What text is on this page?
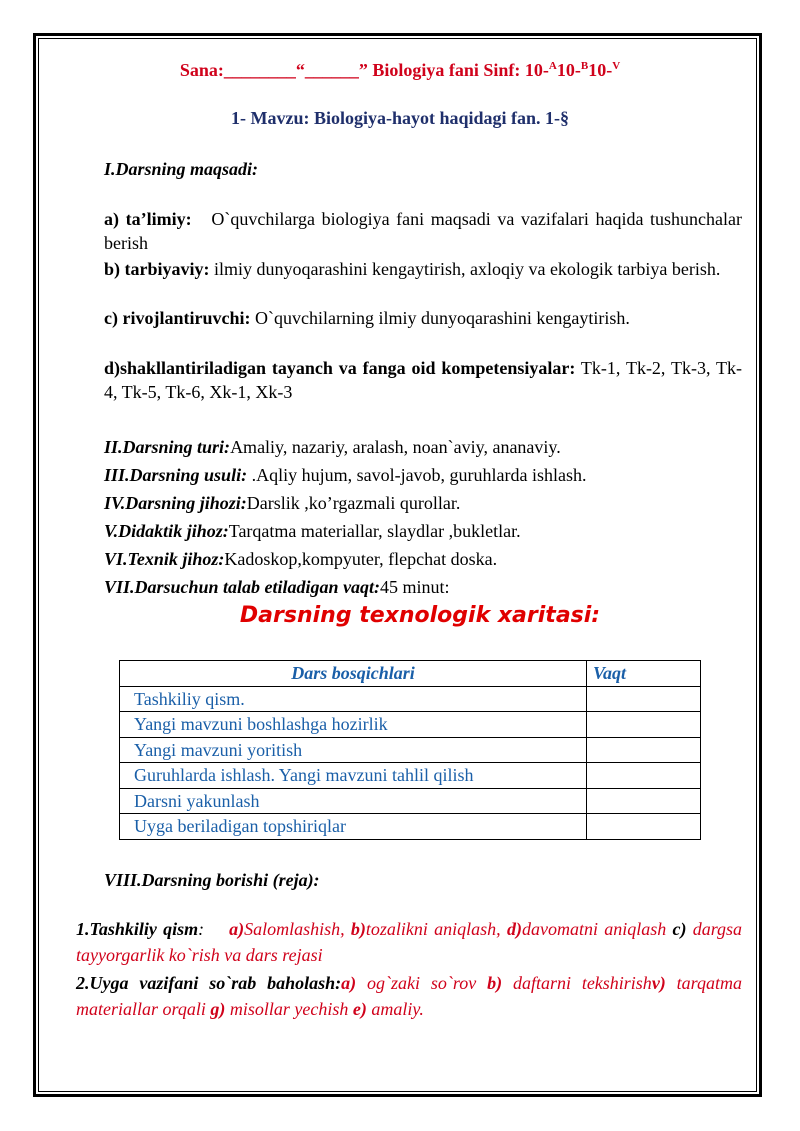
Sana:________“______” Biologiya fani Sinf: 10-$^A$10-$^B$10-$^V$
1- Mavzu: Biologiya-hayot haqidagi fan. 1-§
I.Darsning maqsadi:
a) ta’limiy: O`quvchilarga biologiya fani maqsadi va vazifalari haqida tushunchalar berish
b) tarbiyaviy: ilmiy dunyoqarashini kengaytirish, axloqiy va ekologik tarbiya berish.
c) rivojlantiruvchi: O`quvchilarning ilmiy dunyoqarashini kengaytirish.
d)shakllantiriladigan tayanch va fanga oid kompetensiyalar: Tk-1, Tk-2, Tk-3, Tk-4, Tk-5, Tk-6, Xk-1, Xk-3
II.Darsning turi:Amaliy, nazariy, aralash, noan`aviy, ananaviy.
III.Darsning usuli: .Aqliy hujum, savol-javob, guruhlarda ishlash.
IV.Darsning jihozi:Darslik ,ko’rgazmali qurollar.
V.Didaktik jihoz:Tarqatma materiallar, slaydlar ,bukletlar.
VI.Texnik jihoz:Kadoskop,kompyuter, flepchat doska.
VII.Darsuchun talab etiladigan vaqt:45 minut:
Darsning texnologik xaritasi:
Dars bosqichlari	Vaqt
Tashkiliy qism.	
Yangi mavzuni boshlashga hozirlik	
Yangi mavzuni yoritish	
Guruhlarda ishlash. Yangi mavzuni tahlil qilish	
Darsni yakunlash	
Uyga beriladigan topshiriqlar	
VIII.Darsning borishi (reja):
1.Tashkiliy qism: a)Salomlashish, b)tozalikni aniqlash, d)davomatni aniqlash c) dargsa tayyorgarlik ko`rish va dars rejasi
2.Uyga vazifani so`rab baholash:a) og`zaki so`rov b) daftarni tekshirishv) tarqatma materiallar orqali g) misollar yechish e) amaliy.
